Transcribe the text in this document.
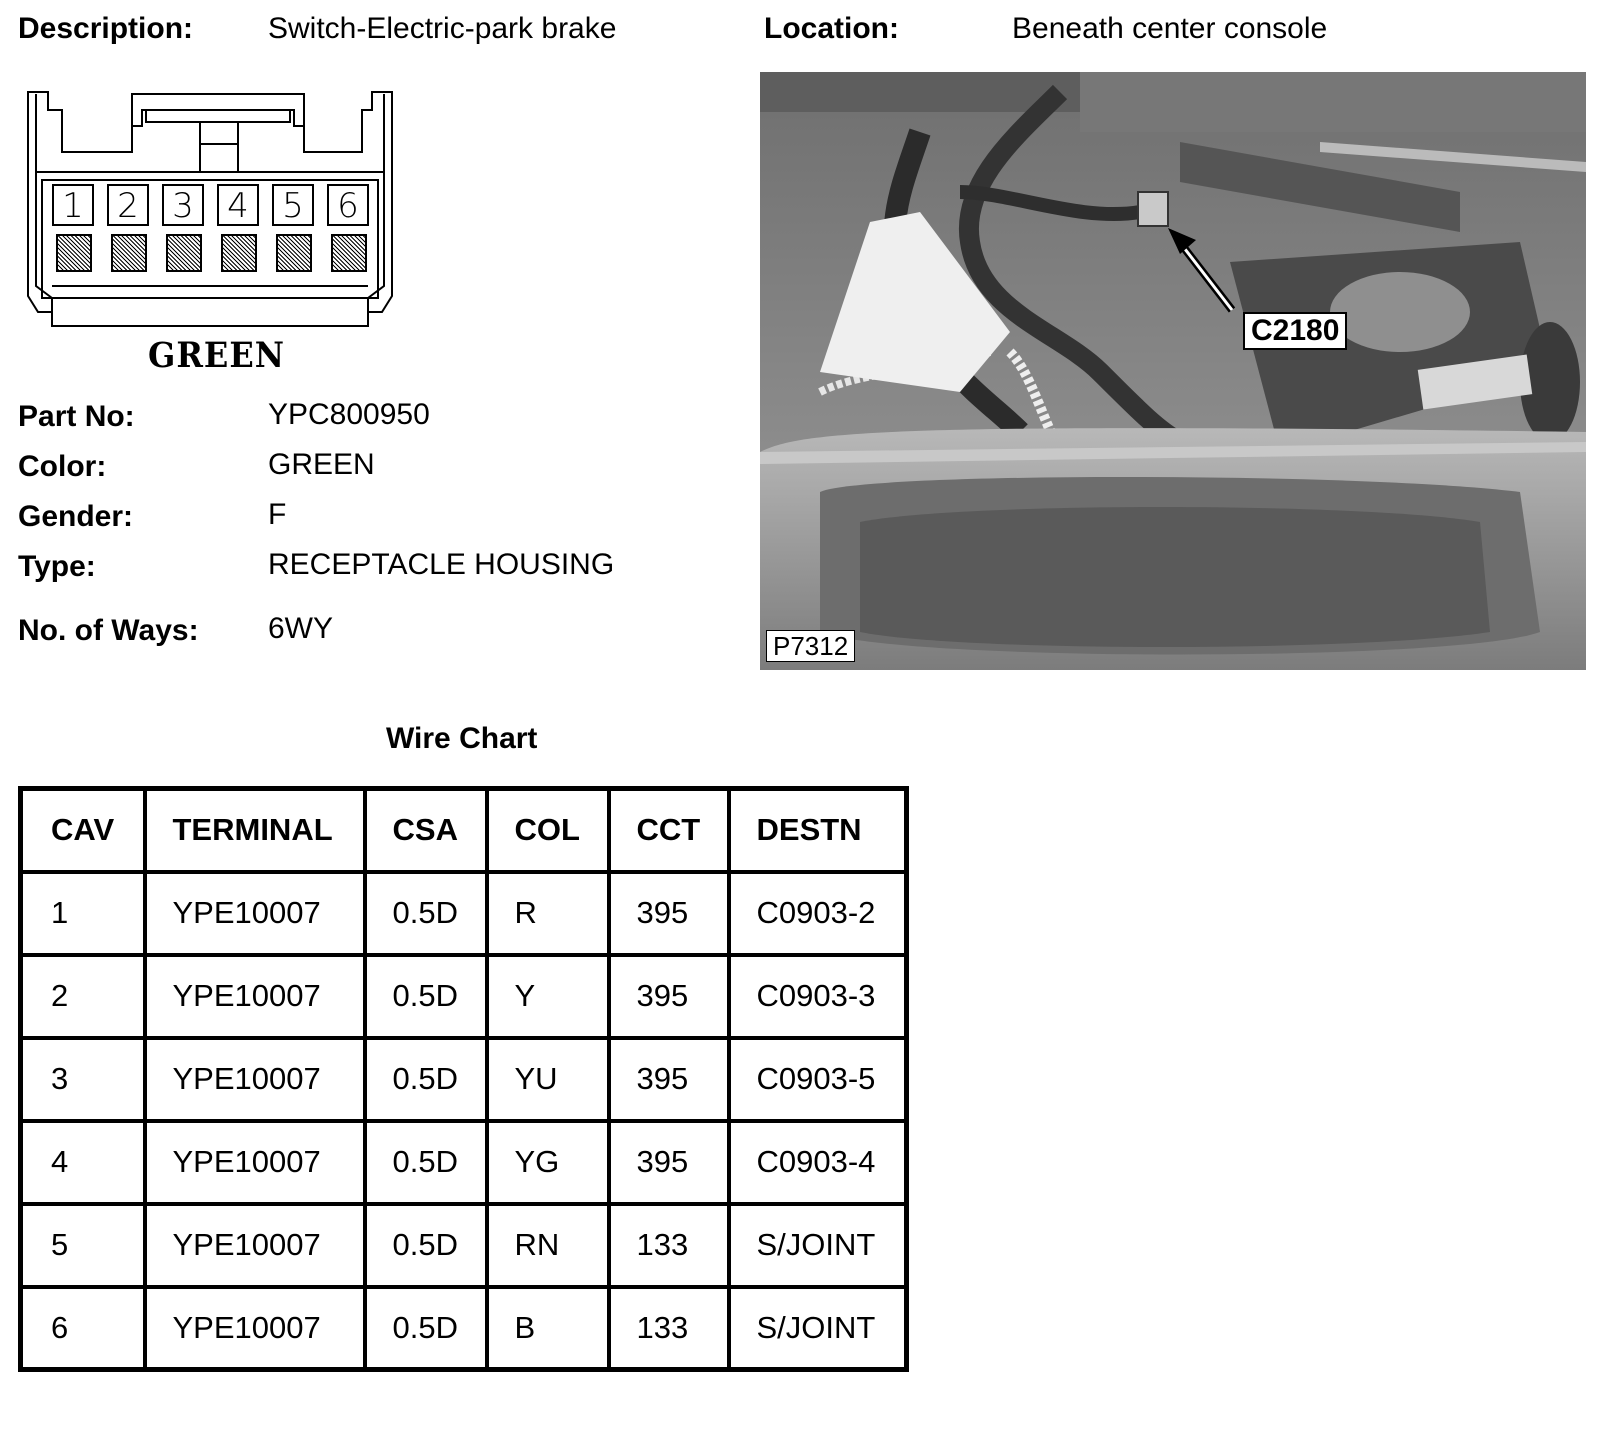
Description: Switch-Electric-park brake	Location:	Beneath center console
1 2 3 4 5 6
GREEN
Part No:	YPC800950
Color:	GREEN
Gender:	F
Type:	RECEPTACLE HOUSING
No. of Ways: 6WY
C2180
P7312
Wire Chart
CAV	TERMINAL	CSA	COL	CCT	DESTN
1	YPE10007	0.5D	R	395	C0903-2
2	YPE10007	0.5D	Y	395	C0903-3
3	YPE10007	0.5D	YU	395	C0903-5
4	YPE10007	0.5D	YG	395	C0903-4
5	YPE10007	0.5D	RN	133	S/JOINT
6	YPE10007	0.5D	B	133	S/JOINT
